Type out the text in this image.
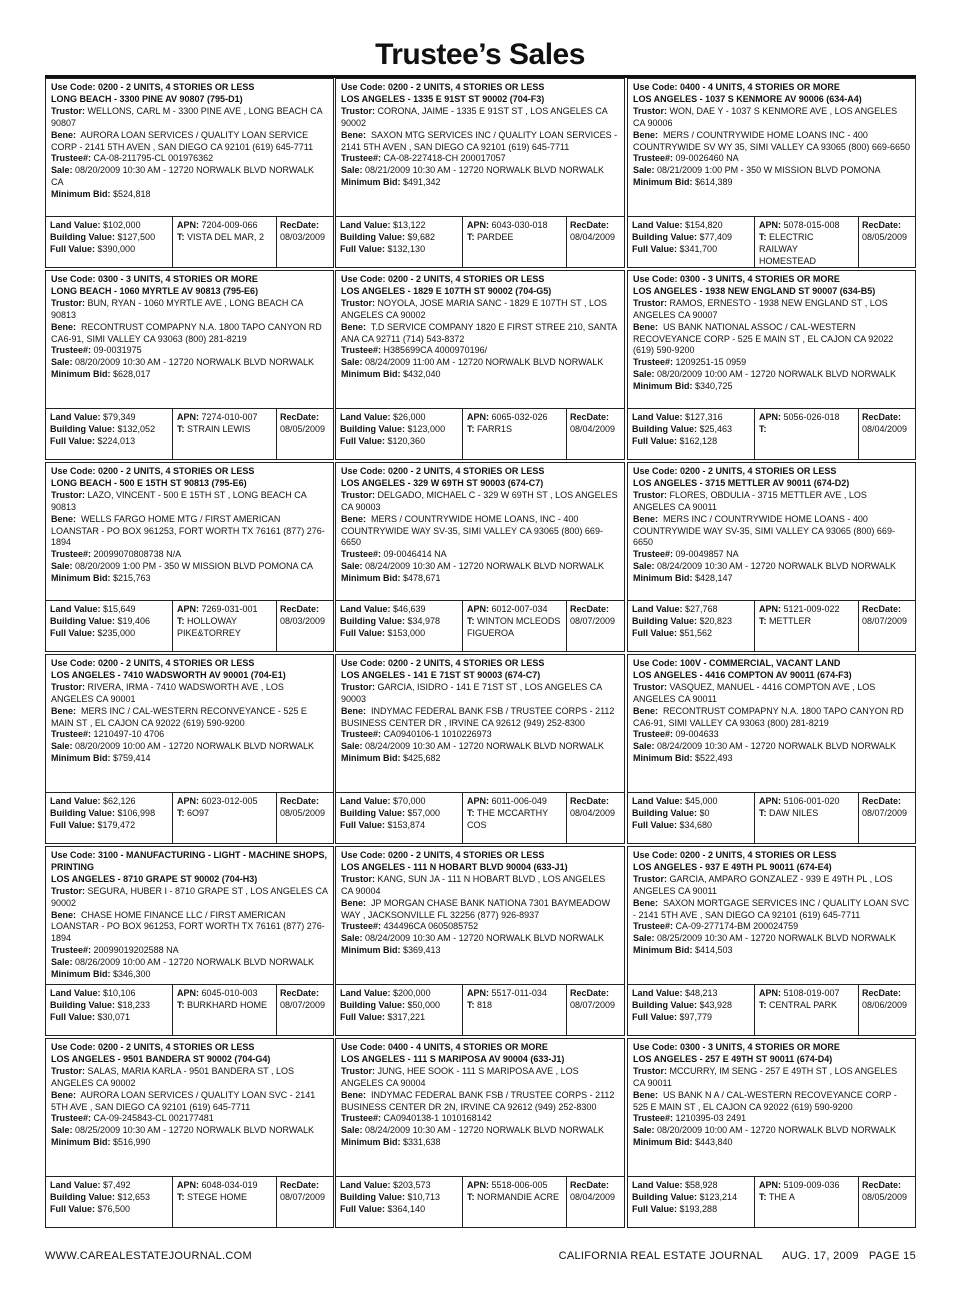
Trustee’s Sales
Use Code: 0200 - 2 UNITS, 4 STORIES OR LESS
LONG BEACH - 3300 PINE AV 90807 (795-D1)
Trustor: WELLONS, CARL M - 3300 PINE AVE , LONG BEACH CA 90807
Bene: AURORA LOAN SERVICES / QUALITY LOAN SERVICE CORP - 2141 5TH AVEN , SAN DIEGO CA 92101 (619) 645-7711
Trustee#: CA-08-211795-CL 001976362
Sale: 08/20/2009 10:30 AM - 12720 NORWALK BLVD NORWALK CA
Minimum Bid: $524,818
Land Value: $102,000
Building Value: $127,500
Full Value: $390,000
APN: 7204-009-066
T: VISTA DEL MAR, 2
RecDate:
08/03/2009
Use Code: 0200 - 2 UNITS, 4 STORIES OR LESS
LOS ANGELES - 1335 E 91ST ST 90002 (704-F3)
Trustor: CORONA, JAIME - 1335 E 91ST ST , LOS ANGELES CA 90002
Bene: SAXON MTG SERVICES INC / QUALITY LOAN SERVICES - 2141 5TH AVEN , SAN DIEGO CA 92101 (619) 645-7711
Trustee#: CA-08-227418-CH 200017057
Sale: 08/21/2009 10:30 AM - 12720 NORWALK BLVD NORWALK
Minimum Bid: $491,342
Land Value: $13,122
Building Value: $9,682
Full Value: $132,130
APN: 6043-030-018
T: PARDEE
RecDate:
08/04/2009
Use Code: 0400 - 4 UNITS, 4 STORIES OR MORE
LOS ANGELES - 1037 S KENMORE AV 90006 (634-A4)
Trustor: WON, DAE Y - 1037 S KENMORE AVE , LOS ANGELES CA 90006
Bene: MERS / COUNTRYWIDE HOME LOANS INC - 400 COUNTRYWIDE SV WY 35, SIMI VALLEY CA 93065 (800) 669-6650
Trustee#: 09-0026460 NA
Sale: 08/21/2009 1:00 PM - 350 W MISSION BLVD POMONA
Minimum Bid: $614,389
Land Value: $154,820
Building Value: $77,409
Full Value: $341,700
APN: 5078-015-008
T: ELECTRIC RAILWAY HOMESTEAD
RecDate:
08/05/2009
Use Code: 0300 - 3 UNITS, 4 STORIES OR MORE
LONG BEACH - 1060 MYRTLE AV 90813 (795-E6)
Trustor: BUN, RYAN - 1060 MYRTLE AVE , LONG BEACH CA 90813
Bene: RECONTRUST COMPAPNY N.A. 1800 TAPO CANYON RD CA6-91, SIMI VALLEY CA 93063 (800) 281-8219
Trustee#: 09-0031975
Sale: 08/20/2009 10:30 AM - 12720 NORWALK BLVD NORWALK
Minimum Bid: $628,017
Land Value: $79,349
Building Value: $132,052
Full Value: $224,013
APN: 7274-010-007
T: STRAIN LEWIS
RecDate:
08/05/2009
Use Code: 0200 - 2 UNITS, 4 STORIES OR LESS
LOS ANGELES - 1829 E 107TH ST 90002 (704-G5)
Trustor: NOYOLA, JOSE MARIA SANC - 1829 E 107TH ST , LOS ANGELES CA 90002
Bene: T.D SERVICE COMPANY 1820 E FIRST STREE 210, SANTA ANA CA 92711 (714) 543-8372
Trustee#: H385699CA 4000970196/
Sale: 08/24/2009 11:00 AM - 12720 NORWALK BLVD NORWALK
Minimum Bid: $432,040
Land Value: $26,000
Building Value: $123,000
Full Value: $120,360
APN: 6065-032-026
T: FARR1S
RecDate:
08/04/2009
Use Code: 0300 - 3 UNITS, 4 STORIES OR MORE
LOS ANGELES - 1938 NEW ENGLAND ST 90007 (634-B5)
Trustor: RAMOS, ERNESTO - 1938 NEW ENGLAND ST , LOS ANGELES CA 90007
Bene: US BANK NATIONAL ASSOC / CAL-WESTERN RECOVEYANCE CORP - 525 E MAIN ST , EL CAJON CA 92022 (619) 590-9200
Trustee#: 1209251-15 0959
Sale: 08/20/2009 10:00 AM - 12720 NORWALK BLVD NORWALK
Minimum Bid: $340,725
Land Value: $127,316
Building Value: $25,463
Full Value: $162,128
APN: 5056-026-018
T:
RecDate:
08/04/2009
Use Code: 0200 - 2 UNITS, 4 STORIES OR LESS
LONG BEACH - 500 E 15TH ST 90813 (795-E6)
Trustor: LAZO, VINCENT - 500 E 15TH ST , LONG BEACH CA 90813
Bene: WELLS FARGO HOME MTG / FIRST AMERICAN LOANSTAR - PO BOX 961253, FORT WORTH TX 76161 (877) 276-1894
Trustee#: 20099070808738 N/A
Sale: 08/20/2009 1:00 PM - 350 W MISSION BLVD POMONA CA
Minimum Bid: $215,763
Land Value: $15,649
Building Value: $19,406
Full Value: $235,000
APN: 7269-031-001
T: HOLLOWAY PIKE&TORREY
RecDate:
08/03/2009
Use Code: 0200 - 2 UNITS, 4 STORIES OR LESS
LOS ANGELES - 329 W 69TH ST 90003 (674-C7)
Trustor: DELGADO, MICHAEL C - 329 W 69TH ST , LOS ANGELES CA 90003
Bene: MERS / COUNTRYWIDE HOME LOANS, INC - 400 COUNTRYWIDE WAY SV-35, SIMI VALLEY CA 93065 (800) 669-6650
Trustee#: 09-0046414 NA
Sale: 08/24/2009 10:30 AM - 12720 NORWALK BLVD NORWALK
Minimum Bid: $478,671
Land Value: $46,639
Building Value: $34,978
Full Value: $153,000
APN: 6012-007-034
T: WINTON MCLEODS FIGUEROA
RecDate:
08/07/2009
Use Code: 0200 - 2 UNITS, 4 STORIES OR LESS
LOS ANGELES - 3715 METTLER AV 90011 (674-D2)
Trustor: FLORES, OBDULIA - 3715 METTLER AVE , LOS ANGELES CA 90011
Bene: MERS INC / COUNTRYWIDE HOME LOANS - 400 COUNTRYWIDE WAY SV-35, SIMI VALLEY CA 93065 (800) 669-6650
Trustee#: 09-0049857 NA
Sale: 08/24/2009 10:30 AM - 12720 NORWALK BLVD NORWALK
Minimum Bid: $428,147
Land Value: $27,768
Building Value: $20,823
Full Value: $51,562
APN: 5121-009-022
T: METTLER
RecDate:
08/07/2009
Use Code: 0200 - 2 UNITS, 4 STORIES OR LESS
LOS ANGELES - 7410 WADSWORTH AV 90001 (704-E1)
Trustor: RIVERA, IRMA - 7410 WADSWORTH AVE , LOS ANGELES CA 90001
Bene: MERS INC / CAL-WESTERN RECONVEYANCE - 525 E MAIN ST , EL CAJON CA 92022 (619) 590-9200
Trustee#: 1210497-10 4706
Sale: 08/20/2009 10:00 AM - 12720 NORWALK BLVD NORWALK
Minimum Bid: $759,414
Land Value: $62,126
Building Value: $106,998
Full Value: $179,472
APN: 6023-012-005
T: 6O97
RecDate:
08/05/2009
Use Code: 0200 - 2 UNITS, 4 STORIES OR LESS
LOS ANGELES - 141 E 71ST ST 90003 (674-C7)
Trustor: GARCIA, ISIDRO - 141 E 71ST ST , LOS ANGELES CA 90003
Bene: INDYMAC FEDERAL BANK FSB / TRUSTEE CORPS - 2112 BUSINESS CENTER DR , IRVINE CA 92612 (949) 252-8300
Trustee#: CA0940106-1 1010226973
Sale: 08/24/2009 10:30 AM - 12720 NORWALK BLVD NORWALK
Minimum Bid: $425,682
Land Value: $70,000
Building Value: $57,000
Full Value: $153,874
APN: 6011-006-049
T: THE MCCARTHY COS
RecDate:
08/04/2009
Use Code: 100V - COMMERCIAL, VACANT LAND
LOS ANGELES - 4416 COMPTON AV 90011 (674-F3)
Trustor: VASQUEZ, MANUEL - 4416 COMPTON AVE , LOS ANGELES CA 90011
Bene: RECONTRUST COMPAPNY N.A. 1800 TAPO CANYON RD CA6-91, SIMI VALLEY CA 93063 (800) 281-8219
Trustee#: 09-004633
Sale: 08/24/2009 10:30 AM - 12720 NORWALK BLVD NORWALK
Minimum Bid: $522,493
Land Value: $45,000
Building Value: $0
Full Value: $34,680
APN: 5106-001-020
T: DAW NILES
RecDate:
08/07/2009
Use Code: 3100 - MANUFACTURING - LIGHT - MACHINE SHOPS, PRINTING
LOS ANGELES - 8710 GRAPE ST 90002 (704-H3)
Trustor: SEGURA, HUBER I - 8710 GRAPE ST , LOS ANGELES CA 90002
Bene: CHASE HOME FINANCE LLC / FIRST AMERICAN LOANSTAR - PO BOX 961253, FORT WORTH TX 76161 (877) 276-1894
Trustee#: 20099019202588 NA
Sale: 08/26/2009 10:00 AM - 12720 NORWALK BLVD NORWALK
Minimum Bid: $346,300
Land Value: $10,106
Building Value: $18,233
Full Value: $30,071
APN: 6045-010-003
T: BURKHARD HOME
RecDate:
08/07/2009
Use Code: 0200 - 2 UNITS, 4 STORIES OR LESS
LOS ANGELES - 111 N HOBART BLVD 90004 (633-J1)
Trustor: KANG, SUN JA - 111 N HOBART BLVD , LOS ANGELES CA 90004
Bene: JP MORGAN CHASE BANK NATIONA 7301 BAYMEADOW WAY , JACKSONVILLE FL 32256 (877) 926-8937
Trustee#: 434496CA 0605085752
Sale: 08/24/2009 10:30 AM - 12720 NORWALK BLVD NORWALK
Minimum Bid: $369,413
Land Value: $200,000
Building Value: $50,000
Full Value: $317,221
APN: 5517-011-034
T: 818
RecDate:
08/07/2009
Use Code: 0200 - 2 UNITS, 4 STORIES OR LESS
LOS ANGELES - 937 E 49TH PL 90011 (674-E4)
Trustor: GARCIA, AMPARO GONZALEZ - 939 E 49TH PL , LOS ANGELES CA 90011
Bene: SAXON MORTGAGE SERVICES INC / QUALITY LOAN SVC - 2141 5TH AVE , SAN DIEGO CA 92101 (619) 645-7711
Trustee#: CA-09-277174-BM 200024759
Sale: 08/25/2009 10:30 AM - 12720 NORWALK BLVD NORWALK
Minimum Bid: $414,503
Land Value: $48,213
Building Value: $43,928
Full Value: $97,779
APN: 5108-019-007
T: CENTRAL PARK
RecDate:
08/06/2009
Use Code: 0200 - 2 UNITS, 4 STORIES OR LESS
LOS ANGELES - 9501 BANDERA ST 90002 (704-G4)
Trustor: SALAS, MARIA KARLA - 9501 BANDERA ST , LOS ANGELES CA 90002
Bene: AURORA LOAN SERVICES / QUALITY LOAN SVC - 2141 5TH AVE , SAN DIEGO CA 92101 (619) 645-7711
Trustee#: CA-09-245843-CL 002177481
Sale: 08/25/2009 10:30 AM - 12720 NORWALK BLVD NORWALK
Minimum Bid: $516,990
Land Value: $7,492
Building Value: $12,653
Full Value: $76,500
APN: 6048-034-019
T: STEGE HOME
RecDate:
08/07/2009
Use Code: 0400 - 4 UNITS, 4 STORIES OR MORE
LOS ANGELES - 111 S MARIPOSA AV 90004 (633-J1)
Trustor: JUNG, HEE SOOK - 111 S MARIPOSA AVE , LOS ANGELES CA 90004
Bene: INDYMAC FEDERAL BANK FSB / TRUSTEE CORPS - 2112 BUSINESS CENTER DR 2N, IRVINE CA 92612 (949) 252-8300
Trustee#: CA0940138-1 1010168142
Sale: 08/24/2009 10:30 AM - 12720 NORWALK BLVD NORWALK
Minimum Bid: $331,638
Land Value: $203,573
Building Value: $10,713
Full Value: $364,140
APN: 5518-006-005
T: NORMANDIE ACRE
RecDate:
08/04/2009
Use Code: 0300 - 3 UNITS, 4 STORIES OR MORE
LOS ANGELES - 257 E 49TH ST 90011 (674-D4)
Trustor: MCCURRY, IM SENG - 257 E 49TH ST , LOS ANGELES CA 90011
Bene: US BANK N A / CAL-WESTERN RECOVEYANCE CORP - 525 E MAIN ST , EL CAJON CA 92022 (619) 590-9200
Trustee#: 1210395-03 2491
Sale: 08/20/2009 10:00 AM - 12720 NORWALK BLVD NORWALK
Minimum Bid: $443,840
Land Value: $58,928
Building Value: $123,214
Full Value: $193,288
APN: 5109-009-036
T: THE A
RecDate:
08/05/2009
WWW.CAREALESTATEJOURNAL.COM	CALIFORNIA REAL ESTATE JOURNAL      AUG. 17, 2009   PAGE 15
